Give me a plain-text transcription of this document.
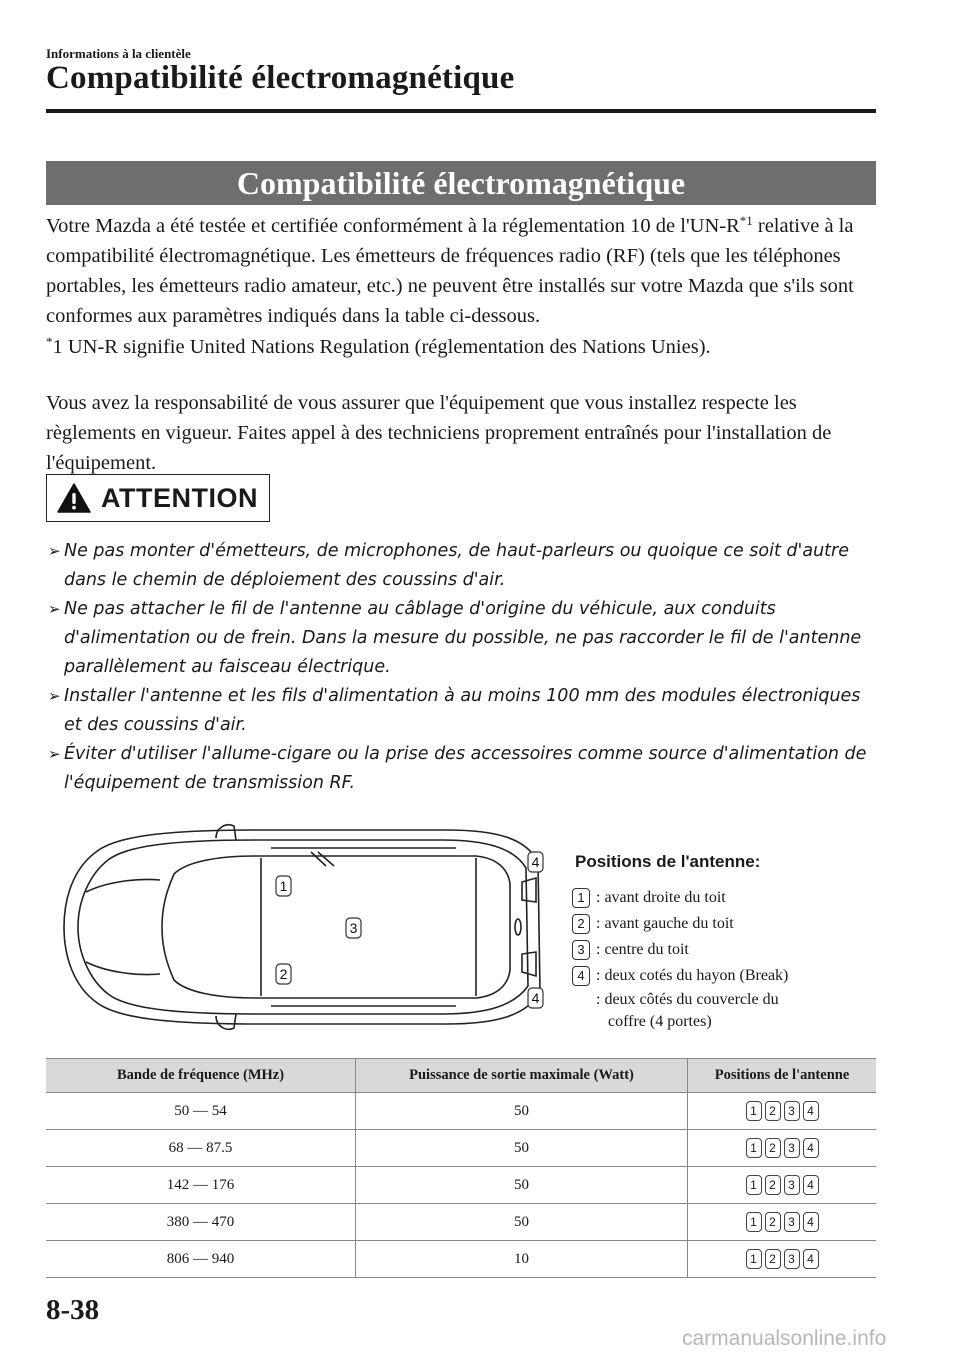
Informations à la clientèle
Compatibilité électromagnétique
Compatibilité électromagnétique

Votre Mazda a été testée et certifiée conformément à la réglementation 10 de $l'UN-R^{*1}$ relative à la compatibilité électromagnétique. Les émetteurs de fréquences radio (RF) (tels que les téléphones portables, les émetteurs radio amateur, etc.) ne peuvent être installés sur votre Mazda que s'ils sont conformes aux paramètres indiqués dans la table ci-dessous.

*1 UN-R signifie United Nations Regulation (réglementation des Nations Unies).

Vous avez la responsabilité de vous assurer que l'équipement que vous installez respecte les règlements en vigueur. Faites appel à des techniciens proprement entraînés pour l'installation de l'équipement.

ATTENTION
➢ Ne pas monter d'émetteurs, de microphones, de haut-parleurs ou quoique ce soit d'autre dans le chemin de déploiement des coussins d'air.
➢ Ne pas attacher le fil de l'antenne au câblage d'origine du véhicule, aux conduits d'alimentation ou de frein. Dans la mesure du possible, ne pas raccorder le fil de l'antenne parallèlement au faisceau électrique.
➢ Installer l'antenne et les fils d'alimentation à au moins 100 mm des modules électroniques et des coussins d'air.
➢ Éviter d'utiliser l'allume-cigare ou la prise des accessoires comme source d'alimentation de l'équipement de transmission RF.
1
2
3
4
4
Positions de l'antenne:
1 : avant droite du toit
2 : avant gauche du toit
3 : centre du toit
4 : deux cotés du hayon (Break)
: deux côtés du couvercle du
coffre (4 portes)
Bande de fréquence (MHz)	Puissance de sortie maximale (Watt)	Positions de l'antenne
50 — 54	50	1 2 3 4

68 — 87.5	50	1 2 3 4

142 — 176	50	1 2 3 4

380 — 470	50	1 2 3 4

806 — 940	10	1 2 3 4
8-38
carmanualsonline.info
